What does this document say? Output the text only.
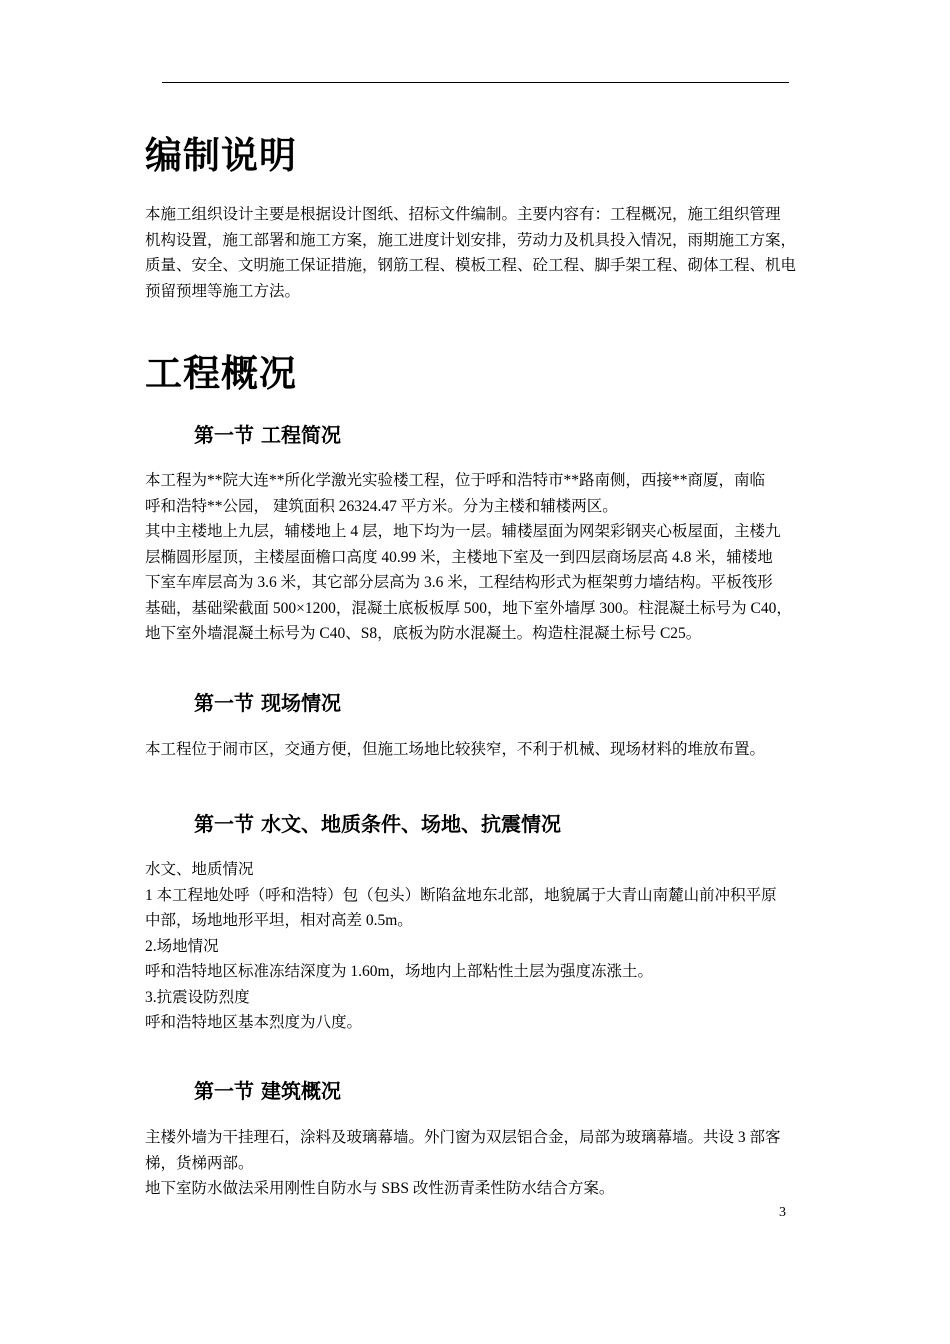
编制说明

本施工组织设计主要是根据设计图纸、招标文件编制。主要内容有：工程概况，施工组织管理
机构设置，施工部署和施工方案，施工进度计划安排，劳动力及机具投入情况，雨期施工方案，
质量、安全、文明施工保证措施，钢筋工程、模板工程、砼工程、脚手架工程、砌体工程、机电
预留预埋等施工方法。

工程概况
第一节 工程简况

本工程为**院大连**所化学激光实验楼工程，位于呼和浩特市**路南侧，西接**商厦，南临
呼和浩特**公园， 建筑面积 26324.47 平方米。分为主楼和辅楼两区。
其中主楼地上九层，辅楼地上 4 层，地下均为一层。辅楼屋面为网架彩钢夹心板屋面，主楼九
层椭圆形屋顶，主楼屋面檐口高度 40.99 米，主楼地下室及一到四层商场层高 4.8 米，辅楼地
下室车库层高为 3.6 米，其它部分层高为 3.6 米，工程结构形式为框架剪力墙结构。平板筏形
基础，基础梁截面 500×1200，混凝土底板板厚 500，地下室外墙厚 300。柱混凝土标号为 C40，
地下室外墙混凝土标号为 C40、S8，底板为防水混凝土。构造柱混凝土标号 C25。

第一节 现场情况

本工程位于闹市区，交通方便，但施工场地比较狭窄，不利于机械、现场材料的堆放布置。

第一节 水文、地质条件、场地、抗震情况

水文、地质情况
1 本工程地处呼（呼和浩特）包（包头）断陷盆地东北部，地貌属于大青山南麓山前冲积平原
中部，场地地形平坦，相对高差 0.5m。
2.场地情况
呼和浩特地区标准冻结深度为 1.60m，场地内上部粘性土层为强度冻涨土。
3.抗震设防烈度
呼和浩特地区基本烈度为八度。

第一节 建筑概况

主楼外墙为干挂理石，涂料及玻璃幕墙。外门窗为双层铝合金，局部为玻璃幕墙。共设 3 部客
梯，货梯两部。
地下室防水做法采用刚性自防水与 SBS 改性沥青柔性防水结合方案。

3
